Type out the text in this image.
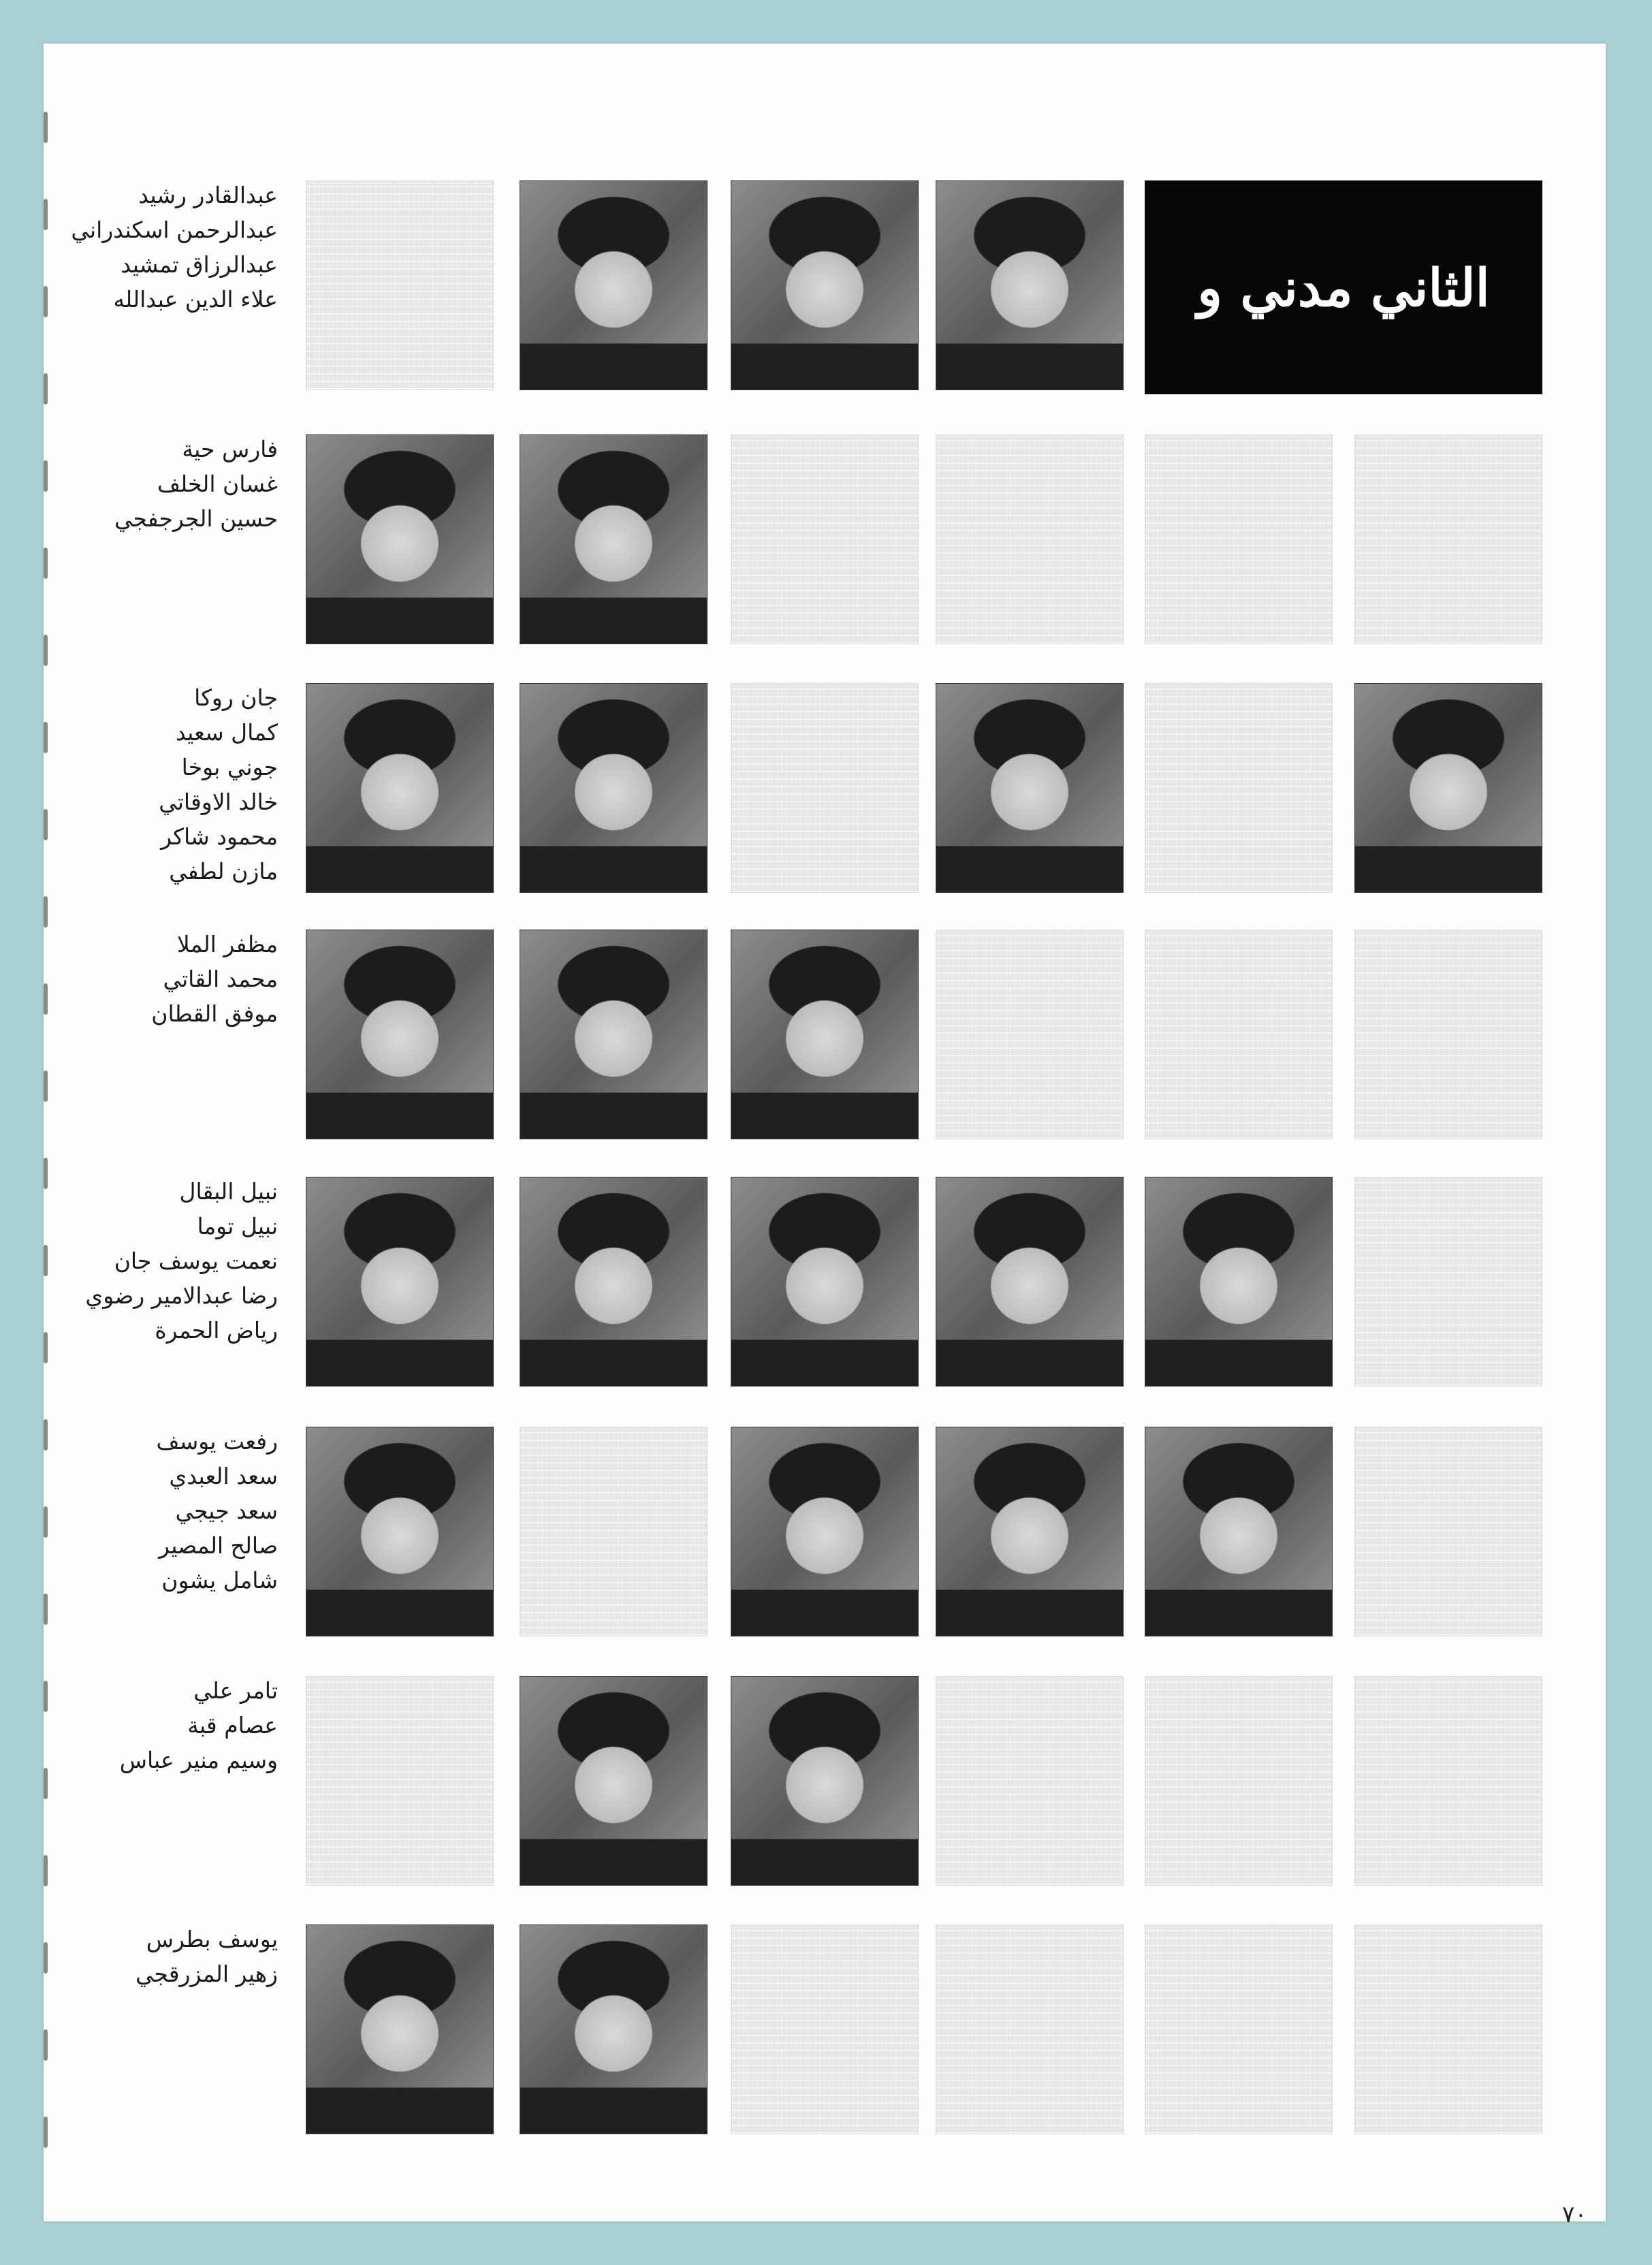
الثاني مدني و
٧٠
عبدالقادر رشيد
عبدالرحمن اسكندراني
عبدالرزاق تمشيد
علاء الدين عبدالله
فارس حية
غسان الخلف
حسين الجرجفجي
جان روكا
كمال سعيد
جوني بوخا
خالد الاوقاتي
محمود شاكر
مازن لطفي
مظفر الملا
محمد القاتي
موفق القطان
نبيل البقال
نبيل توما
نعمت يوسف جان
رضا عبدالامير رضوي
رياض الحمرة
رفعت يوسف
سعد العبدي
سعد جيجي
صالح المصير
شامل يشون
تامر علي
عصام قبة
وسيم منير عباس
يوسف بطرس
زهير المزرقجي
